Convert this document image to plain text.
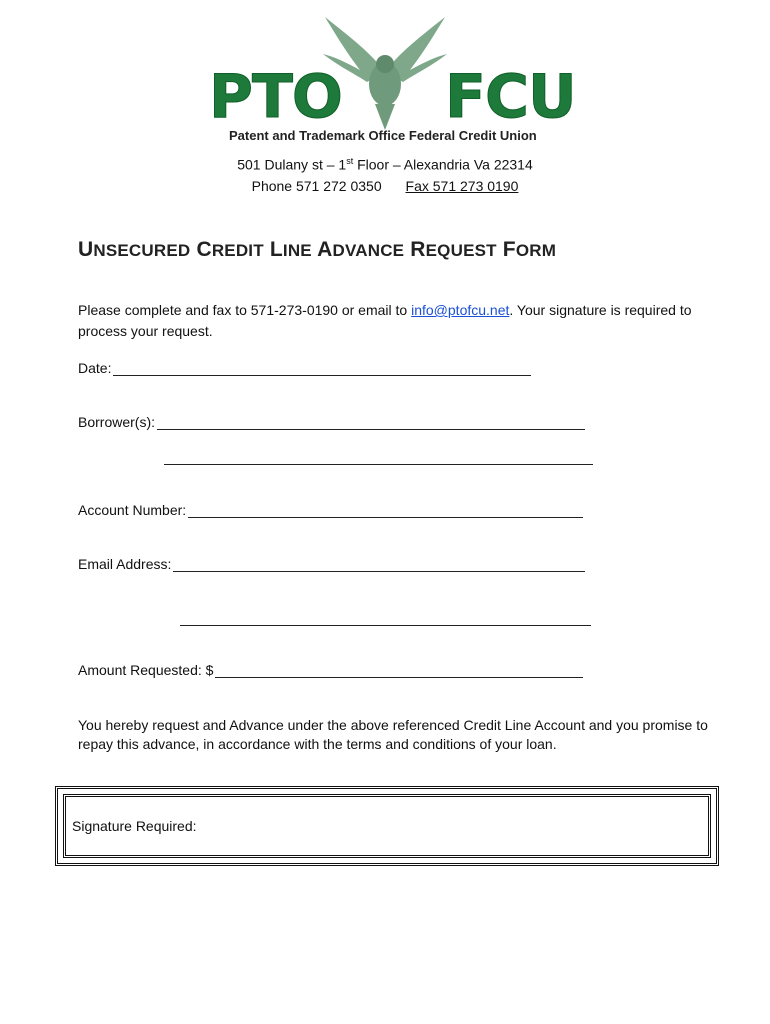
PTO FCU
Patent and Trademark Office Federal Credit Union
501 Dulany st – 1st Floor – Alexandria Va 22314
Phone 571 272 0350 Fax 571 273 0190
UNSECURED CREDIT LINE ADVANCE REQUEST FORM
Please complete and fax to 571-273-0190 or email to info@ptofcu.net. Your signature is required to process your request.
Date:
Borrower(s):
Account Number:
Email Address:
Amount Requested: $
You hereby request and Advance under the above referenced Credit Line Account and you promise to repay this advance, in accordance with the terms and conditions of your loan.
Signature Required:
